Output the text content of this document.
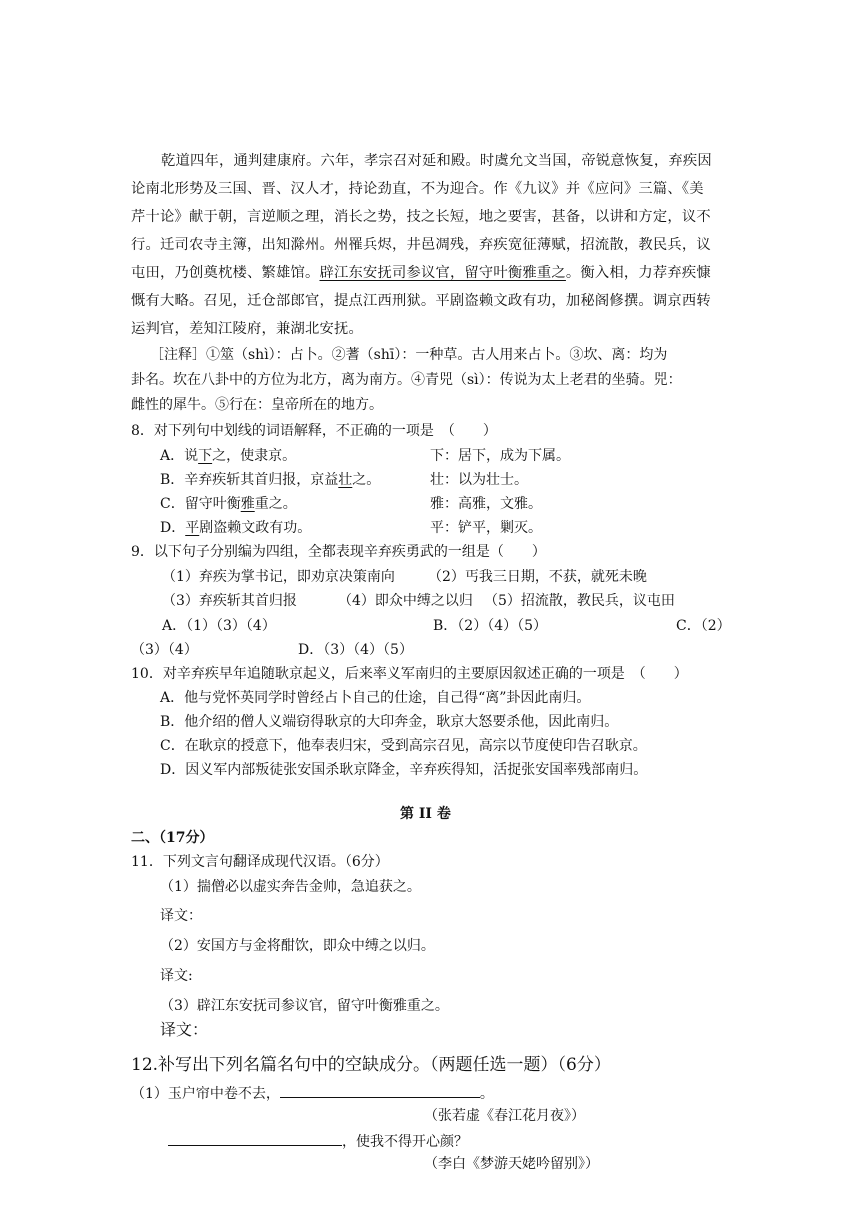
乾道四年，通判建康府。六年，孝宗召对延和殿。时虞允文当国，帝锐意恢复，弃疾因
论南北形势及三国、晋、汉人才，持论劲直，不为迎合。作《九议》并《应问》三篇、《美
芹十论》献于朝，言逆顺之理，消长之势，技之长短，地之要害，甚备，以讲和方定，议不
行。迁司农寺主簿，出知滁州。州罹兵烬，井邑凋残，弃疾宽征薄赋，招流散，教民兵，议
屯田，乃创奠枕楼、繁雄馆。辟江东安抚司参议官，留守叶衡雅重之。衡入相，力荐弃疾慷
慨有大略。召见，迁仓部郎官，提点江西刑狱。平剧盗赖文政有功，加秘阁修撰。调京西转
运判官，差知江陵府，兼湖北安抚。
［注释］①筮（shì）：占卜。②蓍（shī）：一种草。古人用来占卜。③坎、离：均为
卦名。坎在八卦中的方位为北方，离为南方。④青兕（sì）：传说为太上老君的坐骑。兕：
雌性的犀牛。⑤行在：皇帝所在的地方。
8．对下列句中划线的词语解释，不正确的一项是　（　　）
A．说下之，使隶京。	下：居下，成为下属。
B．辛弃疾斩其首归报，京益壮之。	壮：以为壮士。
C．留守叶衡雅重之。	雅：高雅，文雅。
D．平剧盗赖文政有功。	平：铲平，剿灭。
9．以下句子分别编为四组，全都表现辛弃疾勇武的一组是（　　）
（1）弃疾为掌书记，即劝京决策南向 （2）丐我三日期，不获，就死未晚
（3）弃疾斩其首归报	（4）即众中缚之以归 （5）招流散，教民兵，议屯田
A．（1）（3）（4）	B．（2）（4）（5）	C．（2）
（3）（4）	D．（3）（4）（5）
10．对辛弃疾早年追随耿京起义，后来率义军南归的主要原因叙述正确的一项是　（　　）
A．他与党怀英同学时曾经占卜自己的仕途，自己得“离”卦因此南归。
B．他介绍的僧人义端窃得耿京的大印奔金，耿京大怒要杀他，因此南归。
C．在耿京的授意下，他奉表归宋，受到高宗召见，高宗以节度使印告召耿京。
D．因义军内部叛徒张安国杀耿京降金，辛弃疾得知，活捉张安国率残部南归。
第 II 卷
二、（17分）
11．下列文言句翻译成现代汉语。（6分）
（1）揣僧必以虚实奔告金帅，急追获之。
译文：
（2）安国方与金将酣饮，即众中缚之以归。
译文:
（3）辟江东安抚司参议官，留守叶衡雅重之。
译文：
12.补写出下列名篇名句中的空缺成分。（两题任选一题）（6分）
（1）玉户帘中卷不去，	。
（张若虚《春江花月夜》）
，使我不得开心颜？
（李白《梦游天姥吟留别》）
